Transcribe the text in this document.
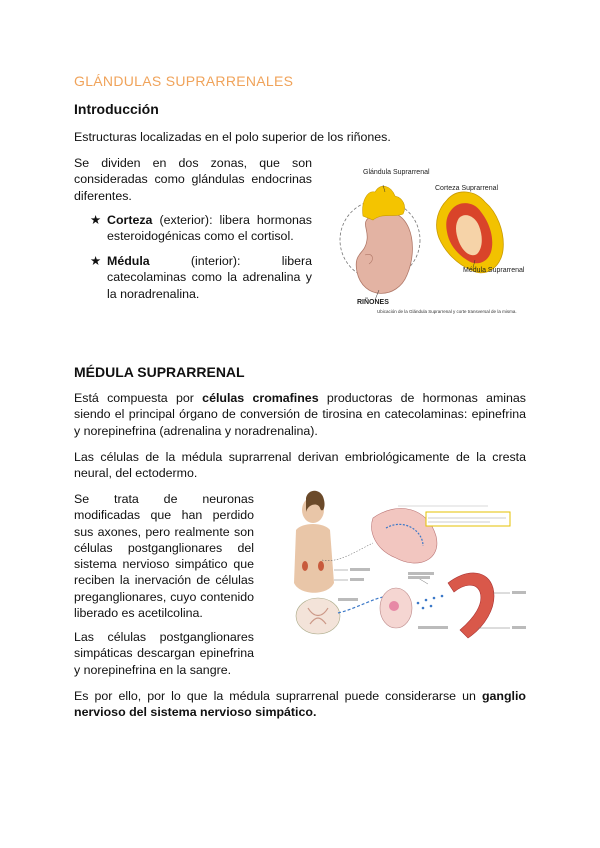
GLÁNDULAS SUPRARRENALES
Introducción
Estructuras localizadas en el polo superior de los riñones.
Se dividen en dos zonas, que son consideradas como glándulas endocrinas diferentes.
★ Corteza (exterior): libera hormonas esteroidogénicas como el cortisol.
★ Médula (interior): libera catecolaminas como la adrenalina y la noradrenalina.
Glándula Suprarrenal
Corteza Suprarrenal
Médula Suprarrenal
RIÑONES
Ubicación de la Glándula Suprarrenal y corte transversal de la misma.
MÉDULA SUPRARRENAL
Está compuesta por células cromafines productoras de hormonas aminas siendo el principal órgano de conversión de tirosina en catecolaminas: epinefrina y norepinefrina (adrenalina y noradrenalina).
Las células de la médula suprarrenal derivan embriológicamente de la cresta neural, del ectodermo.
Se trata de neuronas modificadas que han perdido sus axones, pero realmente son células postganglionares del sistema nervioso simpático que reciben la inervación de células preganglionares, cuyo contenido liberado es acetilcolina.
Las células postganglionares simpáticas descargan epinefrina y norepinefrina en la sangre.
Es por ello, por lo que la médula suprarrenal puede considerarse un ganglio nervioso del sistema nervioso simpático.
